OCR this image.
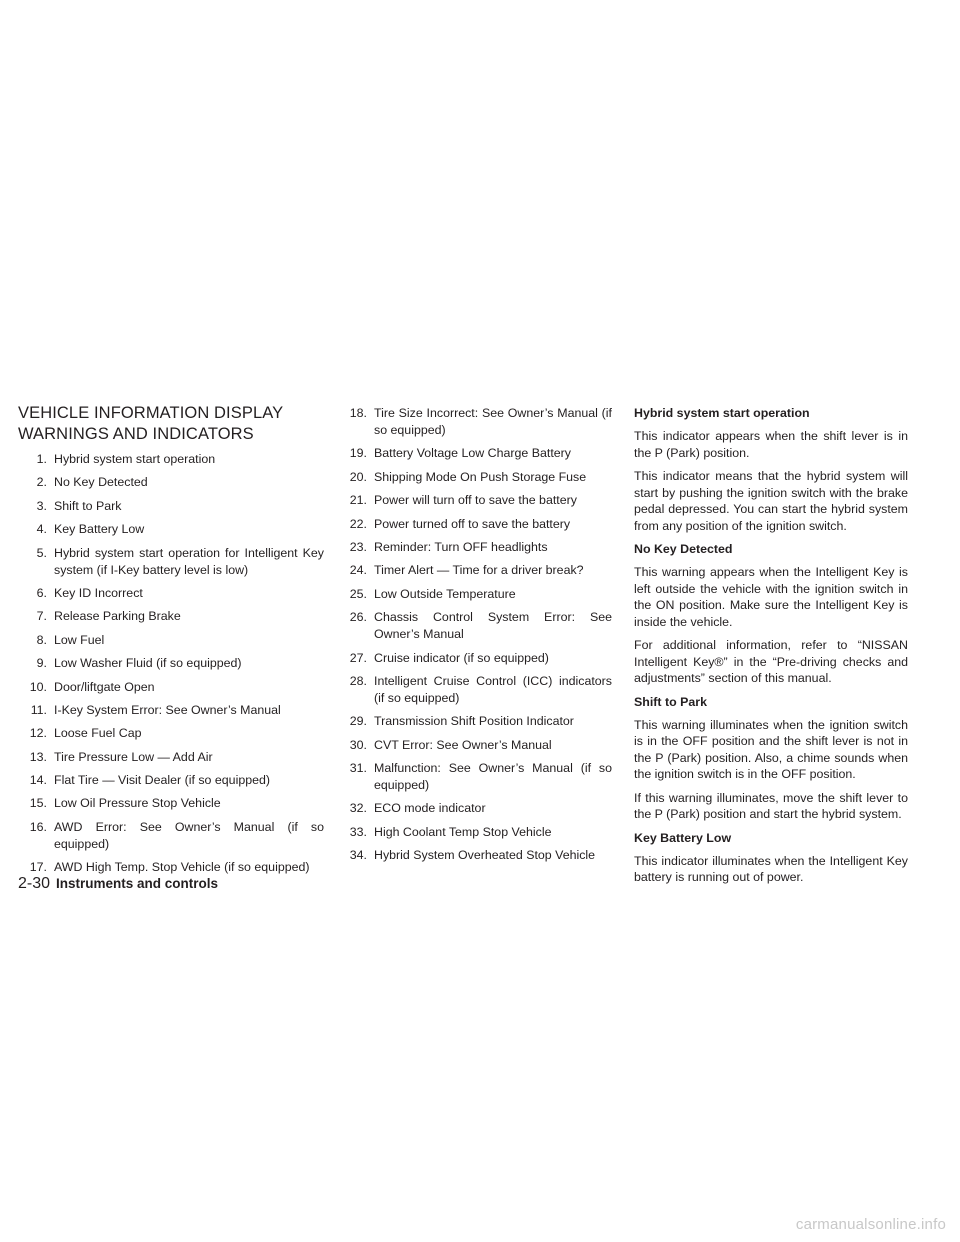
VEHICLE INFORMATION DISPLAY
WARNINGS AND INDICATORS
1. Hybrid system start operation
2. No Key Detected
3. Shift to Park
4. Key Battery Low
5. Hybrid system start operation for Intelligent Key system (if I-Key battery level is low)
6. Key ID Incorrect
7. Release Parking Brake
8. Low Fuel
9. Low Washer Fluid (if so equipped)
10. Door/liftgate Open
11. I-Key System Error: See Owner’s Manual
12. Loose Fuel Cap
13. Tire Pressure Low — Add Air
14. Flat Tire — Visit Dealer (if so equipped)
15. Low Oil Pressure Stop Vehicle
16. AWD Error: See Owner’s Manual (if so equipped)
17. AWD High Temp. Stop Vehicle (if so equipped)
18. Tire Size Incorrect: See Owner’s Manual (if so equipped)
19. Battery Voltage Low Charge Battery
20. Shipping Mode On Push Storage Fuse
21. Power will turn off to save the battery
22. Power turned off to save the battery
23. Reminder: Turn OFF headlights
24. Timer Alert — Time for a driver break?
25. Low Outside Temperature
26. Chassis Control System Error: See Owner’s Manual
27. Cruise indicator (if so equipped)
28. Intelligent Cruise Control (ICC) indicators (if so equipped)
29. Transmission Shift Position Indicator
30. CVT Error: See Owner’s Manual
31. Malfunction: See Owner’s Manual (if so equipped)
32. ECO mode indicator
33. High Coolant Temp Stop Vehicle
34. Hybrid System Overheated Stop Vehicle
Hybrid system start operation

This indicator appears when the shift lever is in the P (Park) position.

This indicator means that the hybrid system will start by pushing the ignition switch with the brake pedal depressed. You can start the hybrid system from any position of the ignition switch.

No Key Detected

This warning appears when the Intelligent Key is left outside the vehicle with the ignition switch in the ON position. Make sure the Intelligent Key is inside the vehicle.

For additional information, refer to “NISSAN Intelligent Key®” in the “Pre-driving checks and adjustments” section of this manual.

Shift to Park

This warning illuminates when the ignition switch is in the OFF position and the shift lever is not in the P (Park) position. Also, a chime sounds when the ignition switch is in the OFF position.

If this warning illuminates, move the shift lever to the P (Park) position and start the hybrid system.

Key Battery Low

This indicator illuminates when the Intelligent Key battery is running out of power.

2-30 Instruments and controls
carmanualsonline.info
